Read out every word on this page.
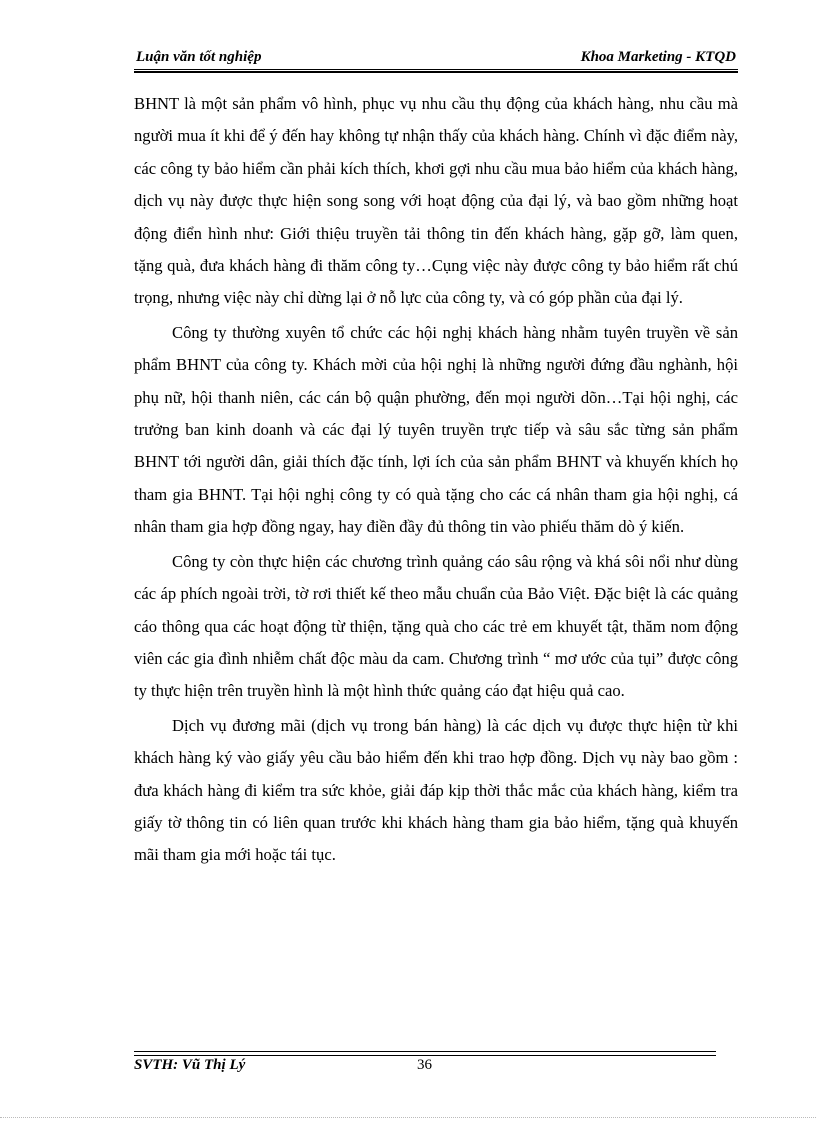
Luận văn tốt nghiệp	Khoa Marketing - KTQD

BHNT là một sản phẩm vô hình, phục vụ nhu cầu thụ động của khách hàng, nhu cầu mà người mua ít khi để ý đến hay không tự nhận thấy của khách hàng. Chính vì đặc điểm này, các công ty bảo hiểm cần phải kích thích, khơi gợi nhu cầu mua bảo hiểm của khách hàng, dịch vụ này được thực hiện song song với hoạt động của đại lý, và bao gồm những hoạt động điển hình như: Giới thiệu truyền tải thông tin đến khách hàng, gặp gỡ, làm quen, tặng quà, đưa khách hàng đi thăm công ty…Cụng việc này được công ty bảo hiểm rất chú trọng, nhưng việc này chỉ dừng lại ở nỗ lực của công ty, và có góp phần của đại lý.

Công ty thường xuyên tổ chức các hội nghị khách hàng nhằm tuyên truyền về sản phẩm BHNT của công ty. Khách mời của hội nghị là những người đứng đầu nghành, hội phụ nữ, hội thanh niên, các cán bộ quận phường, đến mọi người dõn…Tại hội nghị, các trưởng ban kinh doanh và các đại lý tuyên truyền trực tiếp và sâu sắc từng sản phẩm BHNT tới người dân, giải thích đặc tính, lợi ích của sản phẩm BHNT và khuyến khích họ tham gia BHNT. Tại hội nghị công ty có quà tặng cho các cá nhân tham gia hội nghị, cá nhân tham gia hợp đồng ngay, hay điền đầy đủ thông tin vào phiếu thăm dò ý kiến.

Công ty còn thực hiện các chương trình quảng cáo sâu rộng và khá sôi nổi như dùng các áp phích ngoài trời, tờ rơi thiết kế theo mẫu chuẩn của Bảo Việt. Đặc biệt là các quảng cáo thông qua các hoạt động từ thiện, tặng quà cho các trẻ em khuyết tật, thăm nom động viên các gia đình nhiễm chất độc màu da cam. Chương trình “ mơ ước của tụi” được công ty thực hiện trên truyền hình là một hình thức quảng cáo đạt hiệu quả cao.

Dịch vụ đương mãi (dịch vụ trong bán hàng) là các dịch vụ được thực hiện từ khi khách hàng ký vào giấy yêu cầu bảo hiểm đến khi trao hợp đồng. Dịch vụ này bao gồm : đưa khách hàng đi kiểm tra sức khỏe, giải đáp kịp thời thắc mắc của khách hàng, kiểm tra giấy tờ thông tin có liên quan trước khi khách hàng tham gia bảo hiểm, tặng quà khuyến mãi tham gia mới hoặc tái tục.

SVTH: Vũ Thị Lý	36
